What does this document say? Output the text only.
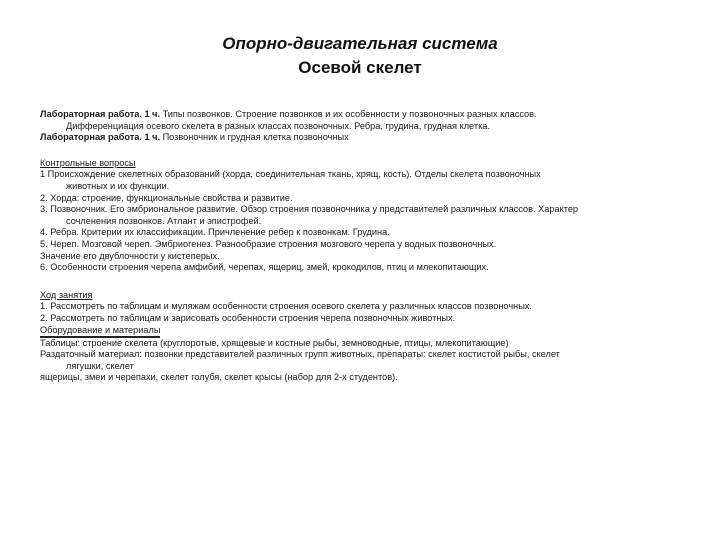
Опорно-двигательная система
Осевой скелет
Лабораторная работа. 1 ч. Типы позвонков. Строение позвонков и их особенности у позвоночных разных классов.
Дифференциация осевого скелета в разных классах позвоночных. Ребра, грудина, грудная клетка.
Лабораторная работа. 1 ч. Позвоночник и грудная клетка позвоночных
Контрольные вопросы
1 Происхождение скелетных образований (хорда, соединительная ткань, хрящ, кость). Отделы скелета позвоночных
животных и их функции.
2. Хорда: строение, функциональные свойства и развитие.
3. Позвоночник. Его эмбриональное развитие. Обзор строения позвоночника у представителей различных классов. Характер
сочленения позвонков. Атлант и эпистрофей.
4. Ребра. Критерии их классификации. Причленение ребер к позвонкам. Грудина.
5. Череп. Мозговой череп. Эмбриогенез. Разнообразие строения мозгового черепа у водных позвоночных.
Значение его двублочности у кистеперых.
6. Особенности строения черепа амфибий, черепах, ящериц, змей, крокодилов, птиц и млекопитающих.
Ход занятия
1. Рассмотреть по таблицам и муляжам особенности строения осевого скелета у различных классов позвоночных.
2. Рассмотреть по таблицам и зарисовать особенности строения черепа позвоночных животных.
Оборудование и материалы
Таблицы: строение скелета (круглоротые, хрящевые и костные рыбы, земноводные, птицы, млекопитающие)
Раздаточный материал: позвонки представителей различных групп животных, препараты: скелет костистой рыбы, скелет
лягушки, скелет
ящерицы, змеи и черепахи, скелет голубя, скелет крысы (набор для 2-х студентов).
